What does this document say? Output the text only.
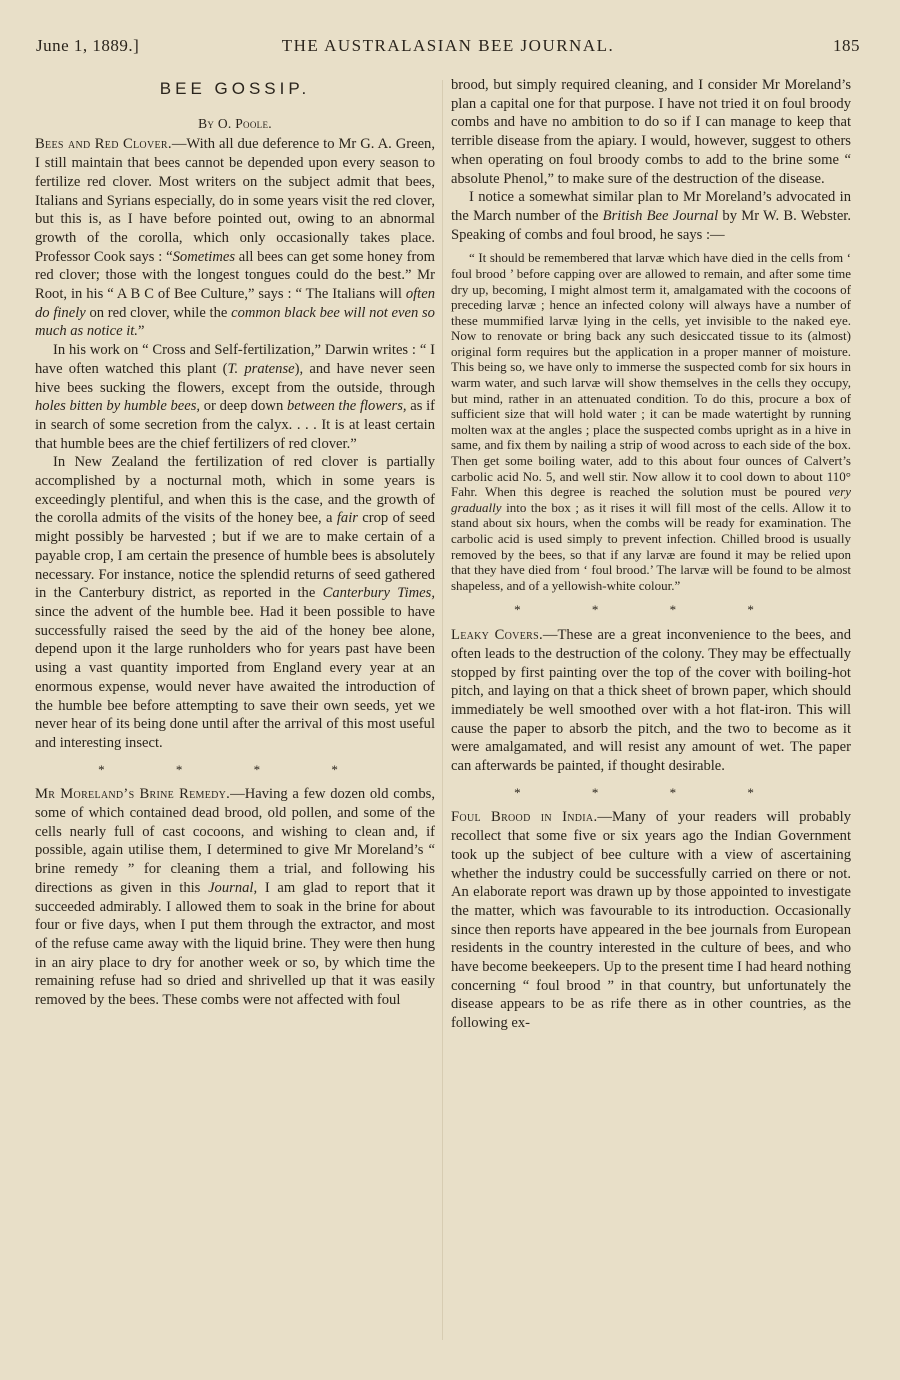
June 1, 1889.]	THE AUSTRALASIAN BEE JOURNAL.	185
BEE GOSSIP.
By O. Poole.

Bees and Red Clover.—With all due deference to Mr G. A. Green, I still maintain that bees cannot be depended upon every season to fertilize red clover. Most writers on the subject admit that bees, Italians and Syrians especially, do in some years visit the red clover, but this is, as I have before pointed out, owing to an abnormal growth of the corolla, which only occasionally takes place. Professor Cook says : “Sometimes all bees can get some honey from red clover; those with the longest tongues could do the best.” Mr Root, in his “ A B C of Bee Culture,” says : “ The Italians will often do finely on red clover, while the common black bee will not even so much as notice it.”

In his work on “ Cross and Self-fertilization,” Darwin writes : “ I have often watched this plant (T. pratense), and have never seen hive bees sucking the flowers, except from the outside, through holes bitten by humble bees, or deep down between the flowers, as if in search of some secretion from the calyx. . . . It is at least certain that humble bees are the chief fertilizers of red clover.”

In New Zealand the fertilization of red clover is partially accomplished by a nocturnal moth, which in some years is exceedingly plentiful, and when this is the case, and the growth of the corolla admits of the visits of the honey bee, a fair crop of seed might possibly be harvested ; but if we are to make certain of a payable crop, I am certain the presence of humble bees is absolutely necessary. For instance, notice the splendid returns of seed gathered in the Canterbury district, as reported in the Canterbury Times, since the advent of the humble bee. Had it been possible to have successfully raised the seed by the aid of the honey bee alone, depend upon it the large runholders who for years past have been using a vast quantity imported from England every year at an enormous expense, would never have awaited the introduction of the humble bee before attempting to save their own seeds, yet we never hear of its being done until after the arrival of this most useful and interesting insect.

* * * *

Mr Moreland’s Brine Remedy.—Having a few dozen old combs, some of which contained dead brood, old pollen, and some of the cells nearly full of cast cocoons, and wishing to clean and, if possible, again utilise them, I determined to give Mr Moreland’s “ brine remedy ” for cleaning them a trial, and following his directions as given in this Journal, I am glad to report that it succeeded admirably. I allowed them to soak in the brine for about four or five days, when I put them through the extractor, and most of the refuse came away with the liquid brine. They were then hung in an airy place to dry for another week or so, by which time the remaining refuse had so dried and shrivelled up that it was easily removed by the bees. These combs were not affected with foul

brood, but simply required cleaning, and I consider Mr Moreland’s plan a capital one for that purpose. I have not tried it on foul broody combs and have no ambition to do so if I can manage to keep that terrible disease from the apiary. I would, however, suggest to others when operating on foul broody combs to add to the brine some “ absolute Phenol,” to make sure of the destruction of the disease.

I notice a somewhat similar plan to Mr Moreland’s advocated in the March number of the British Bee Journal by Mr W. B. Webster. Speaking of combs and foul brood, he says :—

“ It should be remembered that larvæ which have died in the cells from ‘ foul brood ’ before capping over are allowed to remain, and after some time dry up, becoming, I might almost term it, amalgamated with the cocoons of preceding larvæ ; hence an infected colony will always have a number of these mummified larvæ lying in the cells, yet invisible to the naked eye. Now to renovate or bring back any such desiccated tissue to its (almost) original form requires but the application in a proper manner of moisture. This being so, we have only to immerse the suspected comb for six hours in warm water, and such larvæ will show themselves in the cells they occupy, but mind, rather in an attenuated condition. To do this, procure a box of sufficient size that will hold water ; it can be made watertight by running molten wax at the angles ; place the suspected combs upright as in a hive in same, and fix them by nailing a strip of wood across to each side of the box. Then get some boiling water, add to this about four ounces of Calvert’s carbolic acid No. 5, and well stir. Now allow it to cool down to about 110° Fahr. When this degree is reached the solution must be poured very gradually into the box ; as it rises it will fill most of the cells. Allow it to stand about six hours, when the combs will be ready for examination. The carbolic acid is used simply to prevent infection. Chilled brood is usually removed by the bees, so that if any larvæ are found it may be relied upon that they have died from ‘ foul brood.’ The larvæ will be found to be almost shapeless, and of a yellowish-white colour.”

* * * *

Leaky Covers.—These are a great inconvenience to the bees, and often leads to the destruction of the colony. They may be effectually stopped by first painting over the top of the cover with boiling-hot pitch, and laying on that a thick sheet of brown paper, which should immediately be well smoothed over with a hot flat-iron. This will cause the paper to absorb the pitch, and the two to become as it were amalgamated, and will resist any amount of wet. The paper can afterwards be painted, if thought desirable.

* * * *

Foul Brood in India.—Many of your readers will probably recollect that some five or six years ago the Indian Government took up the subject of bee culture with a view of ascertaining whether the industry could be successfully carried on there or not. An elaborate report was drawn up by those appointed to investigate the matter, which was favourable to its introduction. Occasionally since then reports have appeared in the bee journals from European residents in the country interested in the culture of bees, and who have become beekeepers. Up to the present time I had heard nothing concerning “ foul brood ” in that country, but unfortunately the disease appears to be as rife there as in other countries, as the following ex-
